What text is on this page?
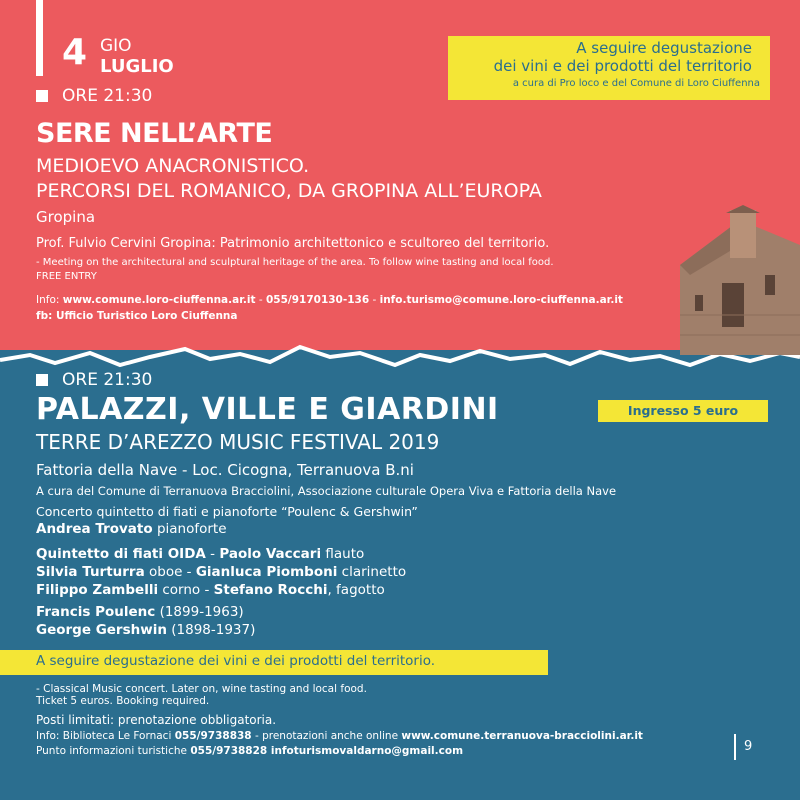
4 GIO
LUGLIO
ORE 21:30
A seguire degustazione
dei vini e dei prodotti del territorio
a cura di Pro loco e del Comune di Loro Ciuffenna
SERE NELL’ARTE
MEDIOEVO ANACRONISTICO.
PERCORSI DEL ROMANICO, DA GROPINA ALL’EUROPA
Gropina
Prof. Fulvio Cervini Gropina: Patrimonio architettonico e scultoreo del territorio.
- Meeting on the architectural and sculptural heritage of the area. To follow wine tasting and local food.
FREE ENTRY
Info: www.comune.loro-ciuffenna.ar.it - 055/9170130-136 - info.turismo@comune.loro-ciuffenna.ar.it
fb: Ufficio Turistico Loro Ciuffenna
ORE 21:30
PALAZZI, VILLE E GIARDINI	Ingresso 5 euro
TERRE D’AREZZO MUSIC FESTIVAL 2019
Fattoria della Nave - Loc. Cicogna, Terranuova B.ni
A cura del Comune di Terranuova Bracciolini, Associazione culturale Opera Viva e Fattoria della Nave
Concerto quintetto di fiati e pianoforte “Poulenc & Gershwin”
Andrea Trovato pianoforte
Quintetto di fiati OIDA - Paolo Vaccari flauto
Silvia Turturra oboe - Gianluca Piomboni clarinetto
Filippo Zambelli corno - Stefano Rocchi, fagotto
Francis Poulenc (1899-1963)
George Gershwin (1898-1937)
A seguire degustazione dei vini e dei prodotti del territorio.
- Classical Music concert. Later on, wine tasting and local food.
Ticket 5 euros. Booking required.
Posti limitati: prenotazione obbligatoria.
Info: Biblioteca Le Fornaci 055/9738838 - prenotazioni anche online www.comune.terranuova-bracciolini.ar.it
Punto informazioni turistiche 055/9738828 infoturismovaldarno@gmail.com	9
